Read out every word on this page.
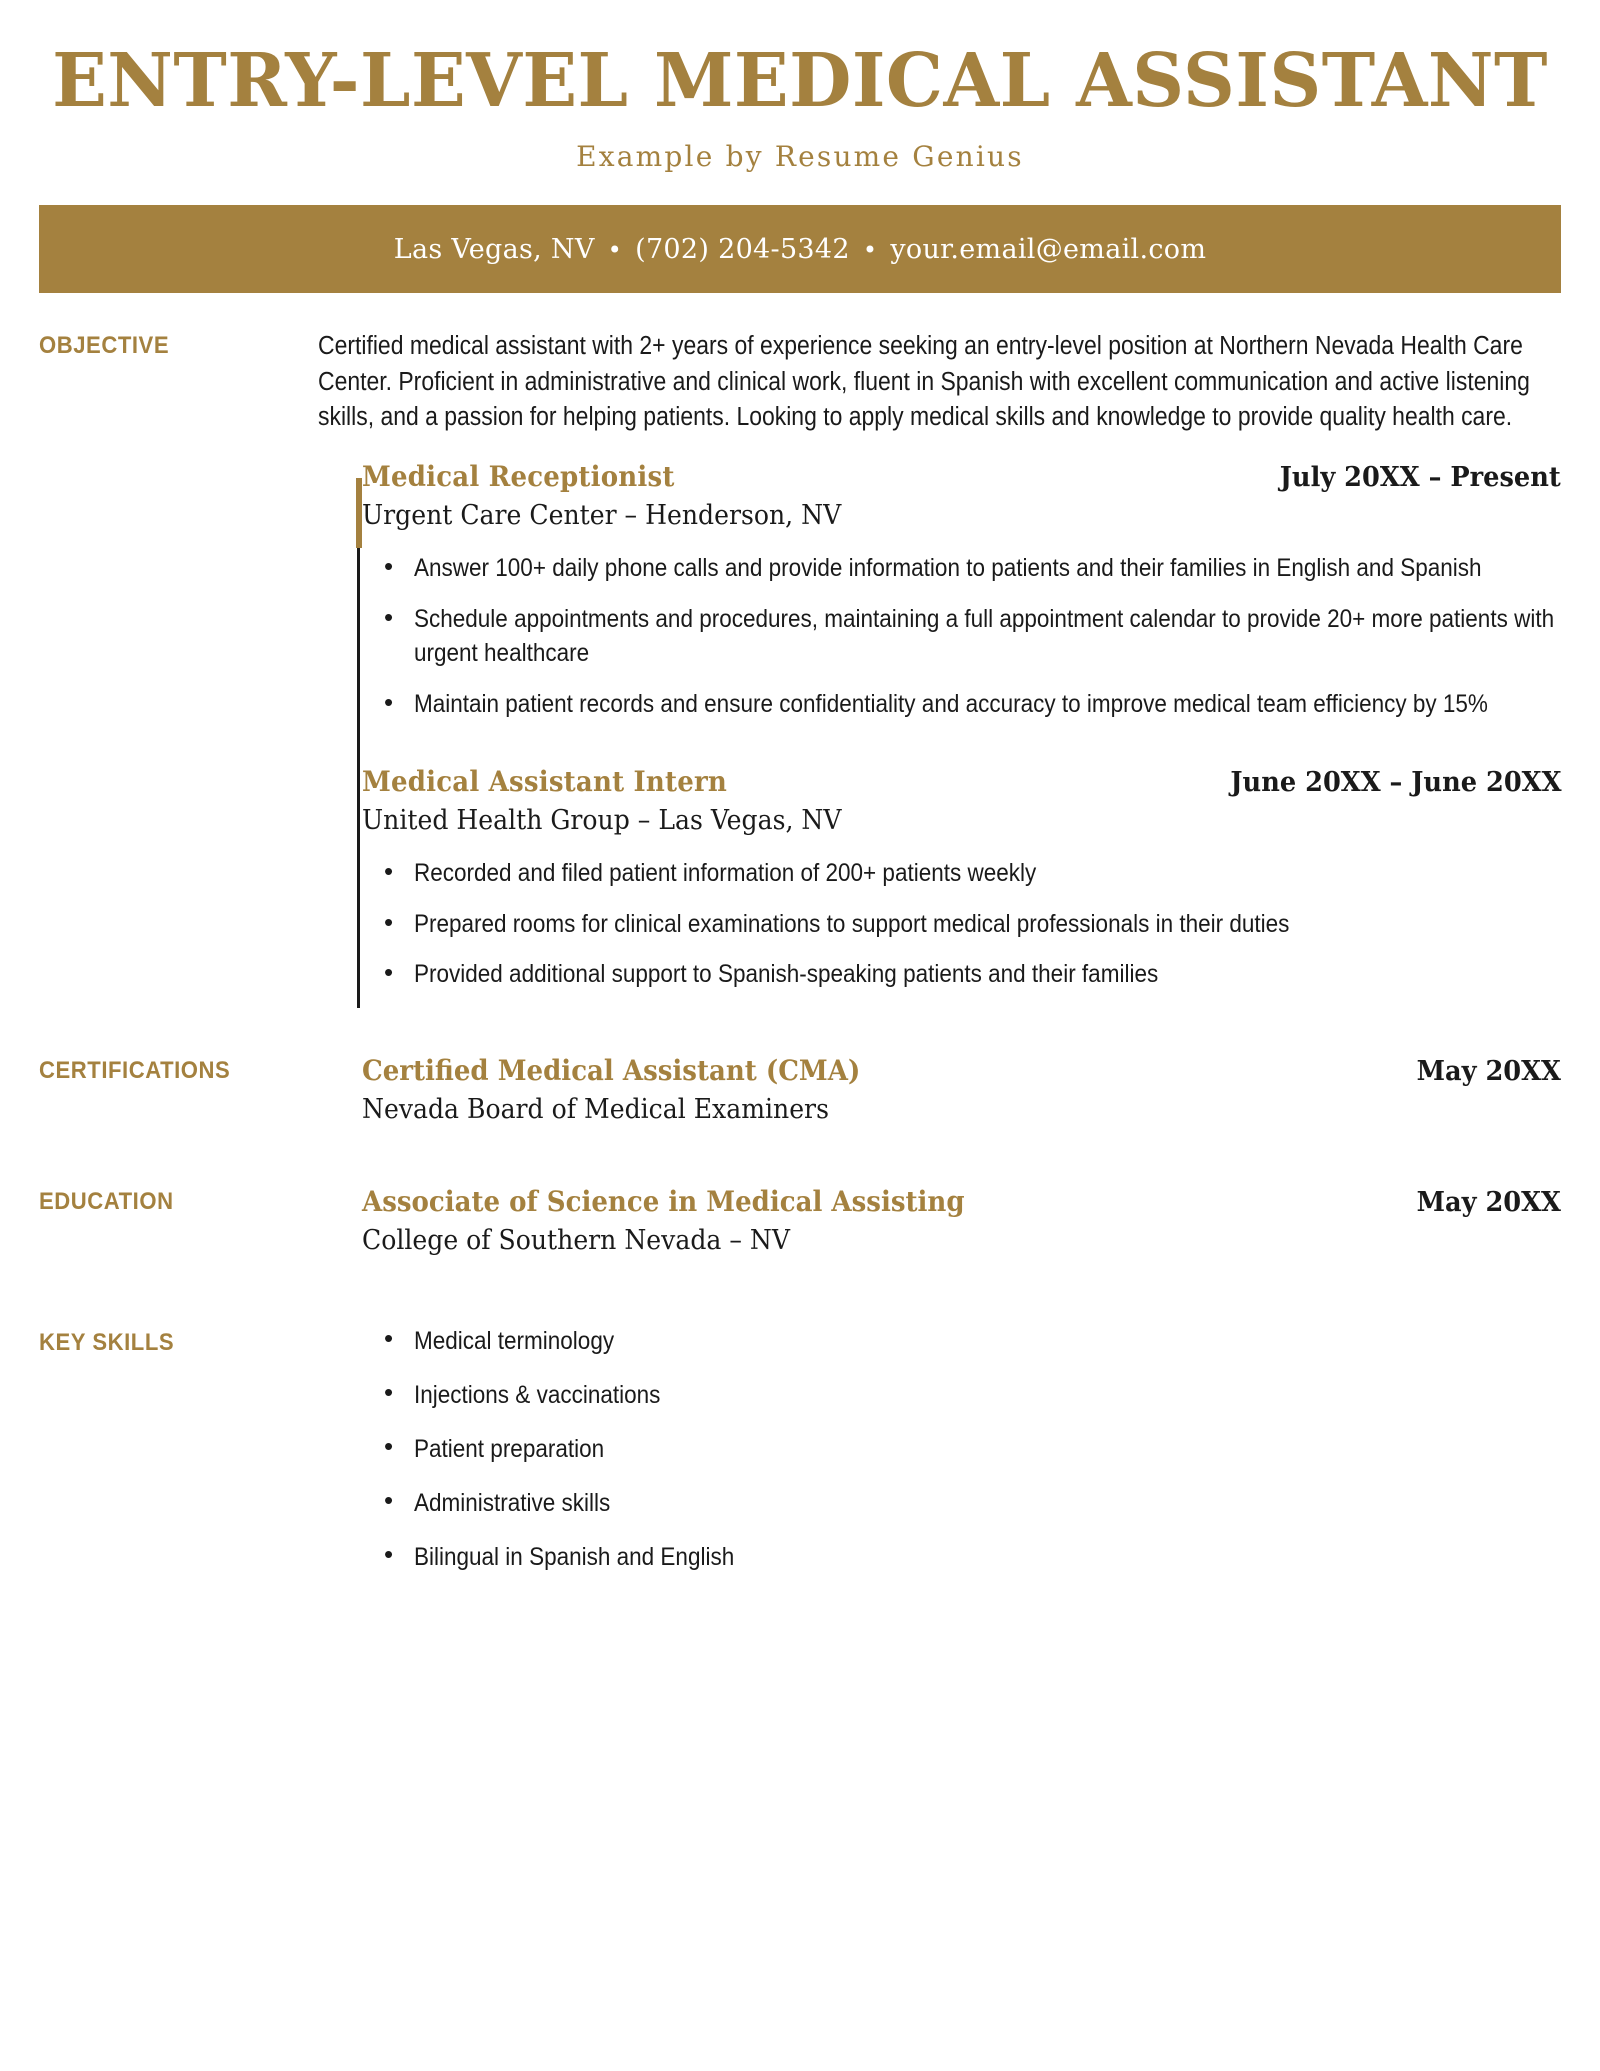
ENTRY-LEVEL MEDICAL ASSISTANT
Example by Resume Genius
Las Vegas, NV • (702) 204-5342 • your.email@email.com
OBJECTIVE	Certified medical assistant with 2+ years of experience seeking an entry-level position at Northern Nevada Health Care Center. Proficient in administrative and clinical work, fluent in Spanish with excellent communication and active listening skills, and a passion for helping patients. Looking to apply medical skills and knowledge to provide quality health care.

Medical Receptionist	July 20XX – Present
Urgent Care Center – Henderson, NV
• Answer 100+ daily phone calls and provide information to patients and their families in English and Spanish
• Schedule appointments and procedures, maintaining a full appointment calendar to provide 20+ more patients with urgent healthcare
• Maintain patient records and ensure confidentiality and accuracy to improve medical team efficiency by 15%
Medical Assistant Intern	June 20XX – June 20XX
United Health Group – Las Vegas, NV
• Recorded and filed patient information of 200+ patients weekly
• Prepared rooms for clinical examinations to support medical professionals in their duties
• Provided additional support to Spanish-speaking patients and their families
CERTIFICATIONS	Certified Medical Assistant (CMA)	May 20XX
Nevada Board of Medical Examiners
EDUCATION	Associate of Science in Medical Assisting	May 20XX
College of Southern Nevada – NV
KEY SKILLS	• Medical terminology
• Injections & vaccinations
• Patient preparation
• Administrative skills
• Bilingual in Spanish and English
